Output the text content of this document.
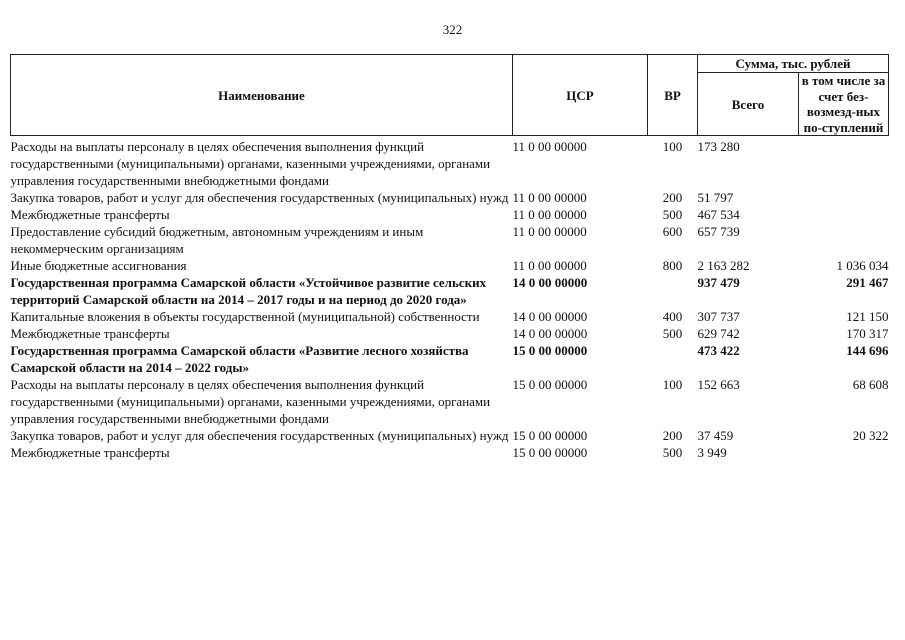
322
Наименование	ЦСР	ВР	Сумма, тыс. рублей	
			Всего	в том числе за счет без-возмезд-ных по-ступлений
Расходы на выплаты персоналу в целях обеспечения выполнения функций государственными (муниципальными) органами, казенными учреждениями, органами управления государственными внебюджетными фондами	11 0 00 00000	100	173 280	
Закупка товаров, работ и услуг для обеспечения государственных (муниципальных) нужд	11 0 00 00000	200	51 797	
Межбюджетные трансферты	11 0 00 00000	500	467 534	
Предоставление субсидий бюджетным, автономным учреждениям и иным некоммерческим организациям	11 0 00 00000	600	657 739	
Иные бюджетные ассигнования	11 0 00 00000	800	2 163 282	1 036 034
Государственная программа Самарской области «Устойчивое развитие сельских территорий Самарской области на 2014 – 2017 годы и на период до 2020 года»	14 0 00 00000		937 479	291 467
Капитальные вложения в объекты государственной (муниципальной) собственности	14 0 00 00000	400	307 737	121 150
Межбюджетные трансферты	14 0 00 00000	500	629 742	170 317
Государственная программа Самарской области «Развитие лесного хозяйства Самарской области на 2014 – 2022 годы»	15 0 00 00000		473 422	144 696
Расходы на выплаты персоналу в целях обеспечения выполнения функций государственными (муниципальными) органами, казенными учреждениями, органами управления государственными внебюджетными фондами	15 0 00 00000	100	152 663	68 608
Закупка товаров, работ и услуг для обеспечения государственных (муниципальных) нужд	15 0 00 00000	200	37 459	20 322
Межбюджетные трансферты	15 0 00 00000	500	3 949	
